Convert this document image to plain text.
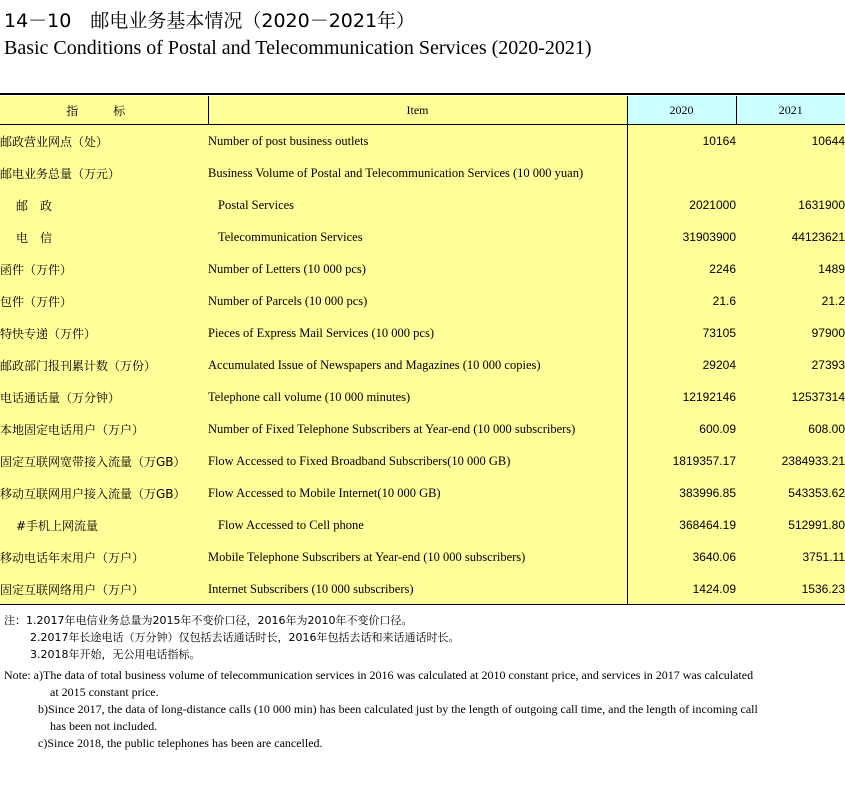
14－10　邮电业务基本情况（2020－2021年）
Basic Conditions of Postal and Telecommunication Services (2020-2021)
指 标	Item	2020	2021
邮政营业网点（处）	Number of post business outlets	10164	10644
邮电业务总量（万元）	Business Volume of Postal and Telecommunication Services (10 000 yuan)		
邮　政	Postal Services	2021000	1631900
电　信	Telecommunication Services	31903900	44123621
函件（万件）	Number of Letters (10 000 pcs)	2246	1489
包件（万件）	Number of Parcels (10 000 pcs)	21.6	21.2
特快专递（万件）	Pieces of Express Mail Services (10 000 pcs)	73105	97900
邮政部门报刊累计数（万份）	Accumulated Issue of Newspapers and Magazines (10 000 copies)	29204	27393
电话通话量（万分钟）	Telephone call volume (10 000 minutes)	12192146	12537314
本地固定电话用户（万户）	Number of Fixed Telephone Subscribers at Year-end (10 000 subscribers)	600.09	608.00
固定互联网宽带接入流量（万GB）	Flow Accessed to Fixed Broadband Subscribers(10 000 GB)	1819357.17	2384933.21
移动互联网用户接入流量（万GB）	Flow Accessed to Mobile Internet(10 000 GB)	383996.85	543353.62
#手机上网流量	Flow Accessed to Cell phone	368464.19	512991.80
移动电话年末用户（万户）	Mobile Telephone Subscribers at Year-end (10 000 subscribers)	3640.06	3751.11
固定互联网络用户（万户）	Internet Subscribers (10 000 subscribers)	1424.09	1536.23
注：1.2017年电信业务总量为2015年不变价口径，2016年为2010年不变价口径。
2.2017年长途电话（万分钟）仅包括去话通话时长，2016年包括去话和来话通话时长。
3.2018年开始，无公用电话指标。
Note: a)The data of total business volume of telecommunication services in 2016 was calculated at 2010 constant price, and services in 2017 was calculated
at 2015 constant price.
b)Since 2017, the data of long-distance calls (10 000 min) has been calculated just by the length of outgoing call time, and the length of incoming call
has been not included.
c)Since 2018, the public telephones has been are cancelled.
